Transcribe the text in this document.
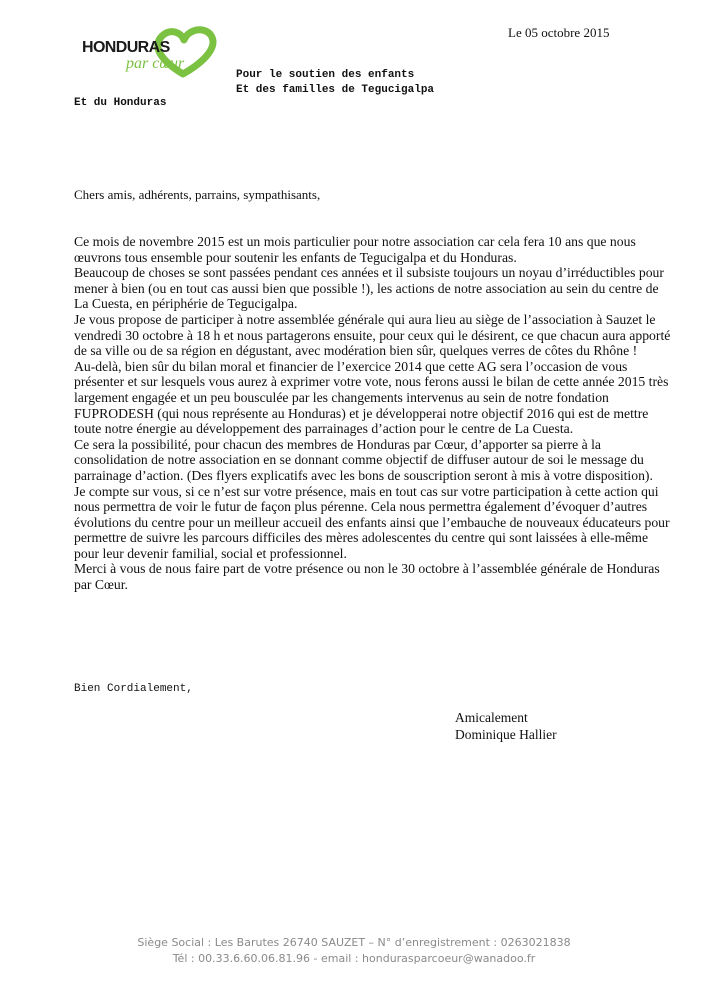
HONDURAS
par cœur
Le 05 octobre 2015
Pour le soutien des enfants
Et des familles de Tegucigalpa
Et du Honduras
Chers amis, adhérents, parrains, sympathisants,

Ce mois de novembre 2015 est un mois particulier pour notre association car cela fera 10 ans que nous œuvrons tous ensemble pour soutenir les enfants de Tegucigalpa et du Honduras.

Beaucoup de choses se sont passées pendant ces années et il subsiste toujours un noyau d’irréductibles pour mener à bien (ou en tout cas aussi bien que possible !), les actions de notre association au sein du centre de La Cuesta, en périphérie de Tegucigalpa.

Je vous propose de participer à notre assemblée générale qui aura lieu au siège de l’association à Sauzet le vendredi 30 octobre à 18 h et nous partagerons ensuite, pour ceux qui le désirent, ce que chacun aura apporté de sa ville ou de sa région en dégustant, avec modération bien sûr, quelques verres de côtes du Rhône !

Au-delà, bien sûr du bilan moral et financier de l’exercice 2014 que cette AG sera l’occasion de vous présenter et sur lesquels vous aurez à exprimer votre vote, nous ferons aussi le bilan de cette année 2015 très largement engagée et un peu bousculée par les changements intervenus au sein de notre fondation FUPRODESH (qui nous représente au Honduras) et je développerai notre objectif 2016 qui est de mettre toute notre énergie au développement des parrainages d’action pour le centre de La Cuesta.

Ce sera la possibilité, pour chacun des membres de Honduras par Cœur, d’apporter sa pierre à la consolidation de notre association en se donnant comme objectif de diffuser autour de soi le message du parrainage d’action. (Des flyers explicatifs avec les bons de souscription seront à mis à votre disposition).

Je compte sur vous, si ce n’est sur votre présence, mais en tout cas sur votre participation à cette action qui nous permettra de voir le futur de façon plus pérenne. Cela nous permettra également d’évoquer d’autres évolutions du centre pour un meilleur accueil des enfants ainsi que l’embauche de nouveaux éducateurs pour permettre de suivre les parcours difficiles des mères adolescentes du centre qui sont laissées à elle-même pour leur devenir familial, social et professionnel.

Merci à vous de nous faire part de votre présence ou non le 30 octobre à l’assemblée générale de Honduras par Cœur.

Bien Cordialement,
Amicalement
Dominique Hallier
Siège Social : Les Barutes 26740 SAUZET – N° d’enregistrement : 0263021838
Tél : 00.33.6.60.06.81.96 - email : hondurasparcoeur@wanadoo.fr
